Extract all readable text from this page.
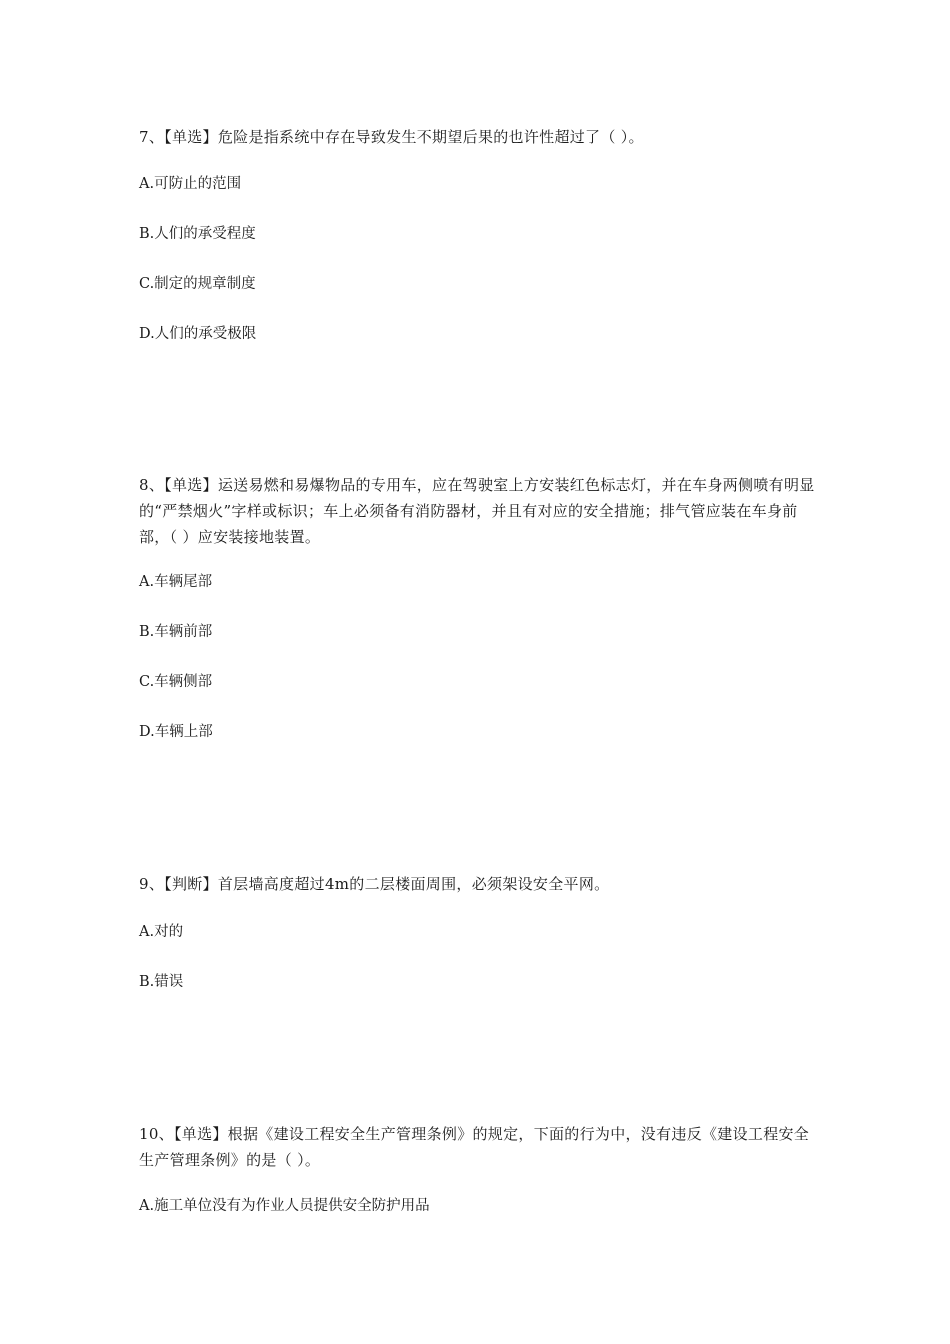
7、【单选】危险是指系统中存在导致发生不期望后果的也许性超过了（ ）。

A.可防止的范围

B.人们的承受程度

C.制定的规章制度

D.人们的承受极限

8、【单选】运送易燃和易爆物品的专用车，应在驾驶室上方安装红色标志灯，并在车身两侧喷有明显的“严禁烟火”字样或标识；车上必须备有消防器材，并且有对应的安全措施；排气管应装在车身前部，（ ）应安装接地装置。

A.车辆尾部

B.车辆前部

C.车辆侧部

D.车辆上部

9、【判断】首层墙高度超过4m的二层楼面周围，必须架设安全平网。

A.对的

B.错误

10、【单选】根据《建设工程安全生产管理条例》的规定，下面的行为中，没有违反《建设工程安全生产管理条例》的是（ ）。

A.施工单位没有为作业人员提供安全防护用品
